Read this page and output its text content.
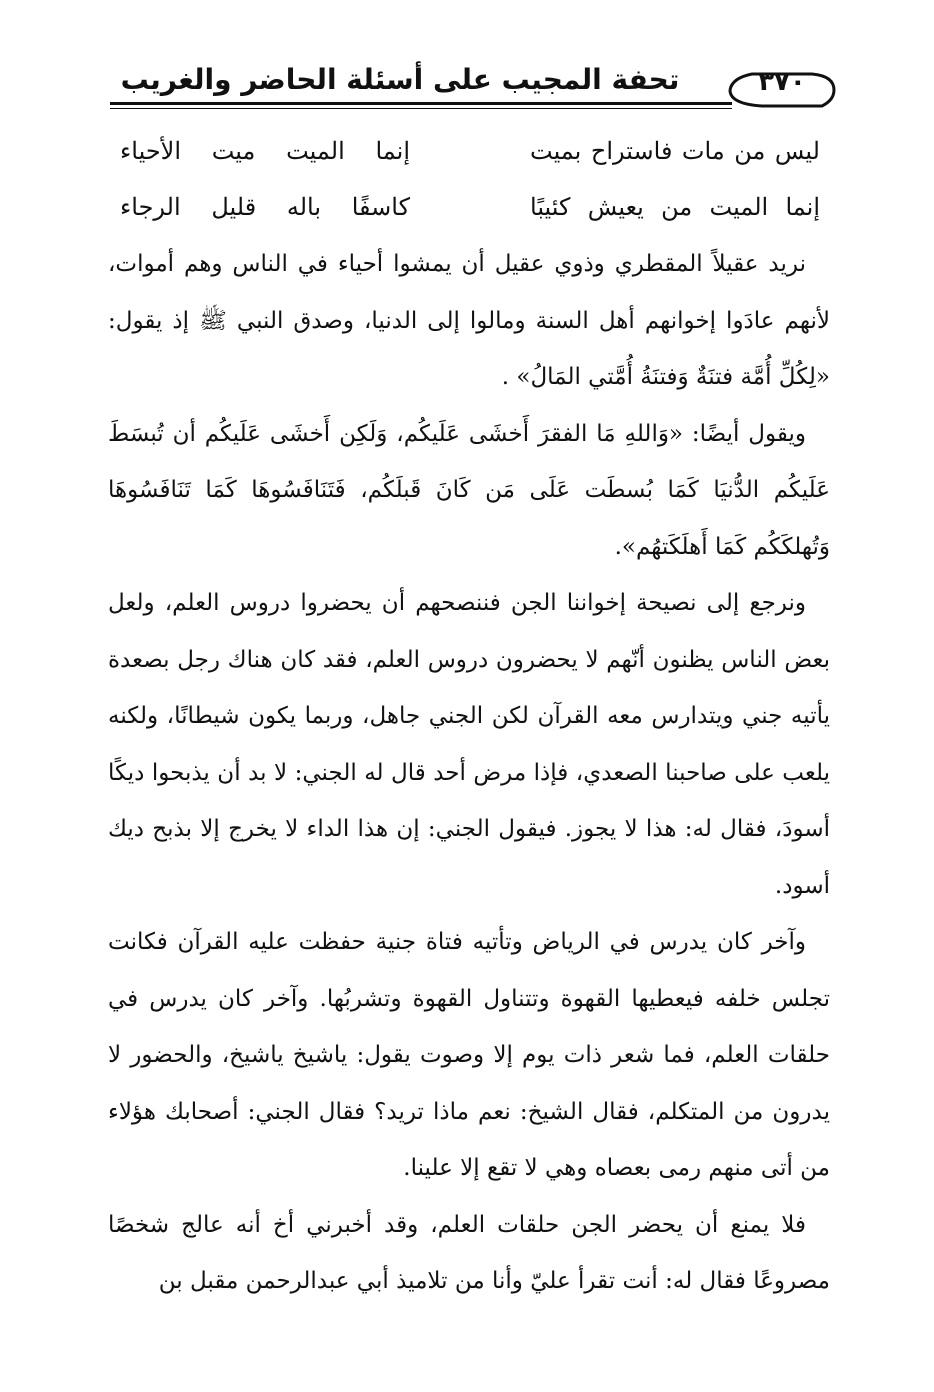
تحفة المجيب على أسئلة الحاضر والغريب	٣٧٠
ليس من مات فاستراح بميت
إنما الميت ميت الأحياء
إنما الميت من يعيش كئيبًا
كاسفًا باله قليل الرجاء

نريد عقيلاً المقطري وذوي عقيل أن يمشوا أحياء في الناس وهم أموات، لأنهم عادَوا إخوانهم أهل السنة ومالوا إلى الدنيا، وصدق النبي ﷺ إذ يقول: «لِكُلِّ أُمَّة فتنَةٌ وَفتنَةُ أُمَّتي المَالُ» .

ويقول أيضًا: «وَاللهِ مَا الفقرَ أَخشَى عَلَيكُم، وَلَكِن أَخشَى عَلَيكُم أن تُبسَطَ عَلَيكُم الدُّنيَا كَمَا بُسطَت عَلَى مَن كَانَ قَبلَكُم، فَتَنَافَسُوهَا كَمَا تَنَافَسُوهَا وَتُهلكَكُم كَمَا أَهلَكَتهُم».

ونرجع إلى نصيحة إخواننا الجن فننصحهم أن يحضروا دروس العلم، ولعل بعض الناس يظنون أنّهم لا يحضرون دروس العلم، فقد كان هناك رجل بصعدة يأتيه جني ويتدارس معه القرآن لكن الجني جاهل، وربما يكون شيطانًا، ولكنه يلعب على صاحبنا الصعدي، فإذا مرض أحد قال له الجني: لا بد أن يذبحوا ديكًا أسودَ، فقال له: هذا لا يجوز. فيقول الجني: إن هذا الداء لا يخرج إلا بذبح ديك أسود.

وآخر كان يدرس في الرياض وتأتيه فتاة جنية حفظت عليه القرآن فكانت تجلس خلفه فيعطيها القهوة وتتناول القهوة وتشربُها. وآخر كان يدرس في حلقات العلم، فما شعر ذات يوم إلا وصوت يقول: ياشيخ ياشيخ، والحضور لا يدرون من المتكلم، فقال الشيخ: نعم ماذا تريد؟ فقال الجني: أصحابك هؤلاء من أتى منهم رمى بعصاه وهي لا تقع إلا علينا.

فلا يمنع أن يحضر الجن حلقات العلم، وقد أخبرني أخ أنه عالج شخصًا مصروعًا فقال له: أنت تقرأ عليّ وأنا من تلاميذ أبي عبدالرحمن مقبل بن
